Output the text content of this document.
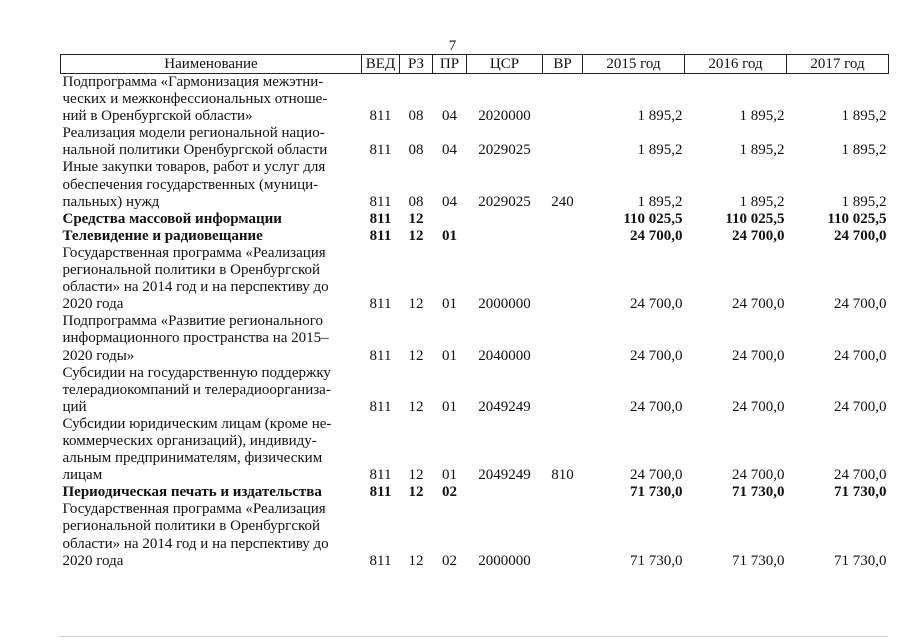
7
Наименование	ВЕД	РЗ	ПР	ЦСР	ВР	2015 год	2016 год	2017 год
Подпрограмма «Гармонизация межэтни-
ческих и межконфессиональных отноше-
ний в Оренбургской области»	811	08	04	2020000		1 895,2	1 895,2	1 895,2
Реализация модели региональной нацио-
нальной политики Оренбургской области	811	08	04	2029025		1 895,2	1 895,2	1 895,2
Иные закупки товаров, работ и услуг для
обеспечения государственных (муници-
пальных) нужд	811	08	04	2029025	240	1 895,2	1 895,2	1 895,2
Средства массовой информации	811	12				110 025,5	110 025,5	110 025,5
Телевидение и радиовещание	811	12	01			24 700,0	24 700,0	24 700,0
Государственная программа «Реализация
региональной политики в Оренбургской
области» на 2014 год и на перспективу до
2020 года	811	12	01	2000000		24 700,0	24 700,0	24 700,0
Подпрограмма «Развитие регионального
информационного пространства на 2015–
2020 годы»	811	12	01	2040000		24 700,0	24 700,0	24 700,0
Субсидии на государственную поддержку
телерадиокомпаний и телерадиоорганиза-
ций	811	12	01	2049249		24 700,0	24 700,0	24 700,0
Субсидии юридическим лицам (кроме не-
коммерческих организаций), индивиду-
альным предпринимателям, физическим
лицам	811	12	01	2049249	810	24 700,0	24 700,0	24 700,0
Периодическая печать и издательства	811	12	02			71 730,0	71 730,0	71 730,0
Государственная программа «Реализация
региональной политики в Оренбургской
области» на 2014 год и на перспективу до
2020 года	811	12	02	2000000		71 730,0	71 730,0	71 730,0
